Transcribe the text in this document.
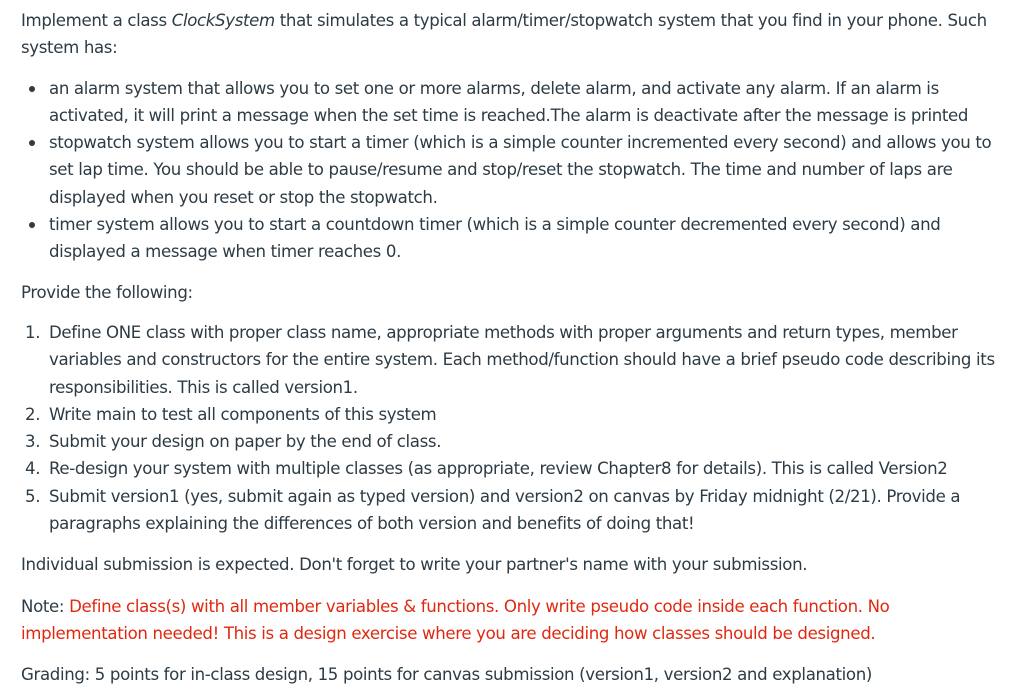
Implement a class ClockSystem that simulates a typical alarm/timer/stopwatch system that you find in your phone. Such system has:

an alarm system that allows you to set one or more alarms, delete alarm, and activate any alarm. If an alarm is activated, it will print a message when the set time is reached.The alarm is deactivate after the message is printed
stopwatch system allows you to start a timer (which is a simple counter incremented every second) and allows you to set lap time. You should be able to pause/resume and stop/reset the stopwatch. The time and number of laps are displayed when you reset or stop the stopwatch.
timer system allows you to start a countdown timer (which is a simple counter decremented every second) and displayed a message when timer reaches 0.

Provide the following:

1. Define ONE class with proper class name, appropriate methods with proper arguments and return types, member variables and constructors for the entire system. Each method/function should have a brief pseudo code describing its responsibilities. This is called version1.
2. Write main to test all components of this system
3. Submit your design on paper by the end of class.
4. Re-design your system with multiple classes (as appropriate, review Chapter8 for details). This is called Version2
5. Submit version1 (yes, submit again as typed version) and version2 on canvas by Friday midnight (2/21). Provide a paragraphs explaining the differences of both version and benefits of doing that!

Individual submission is expected. Don't forget to write your partner's name with your submission.

Note: Define class(s) with all member variables & functions. Only write pseudo code inside each function. No implementation needed! This is a design exercise where you are deciding how classes should be designed.

Grading: 5 points for in-class design, 15 points for canvas submission (version1, version2 and explanation)
